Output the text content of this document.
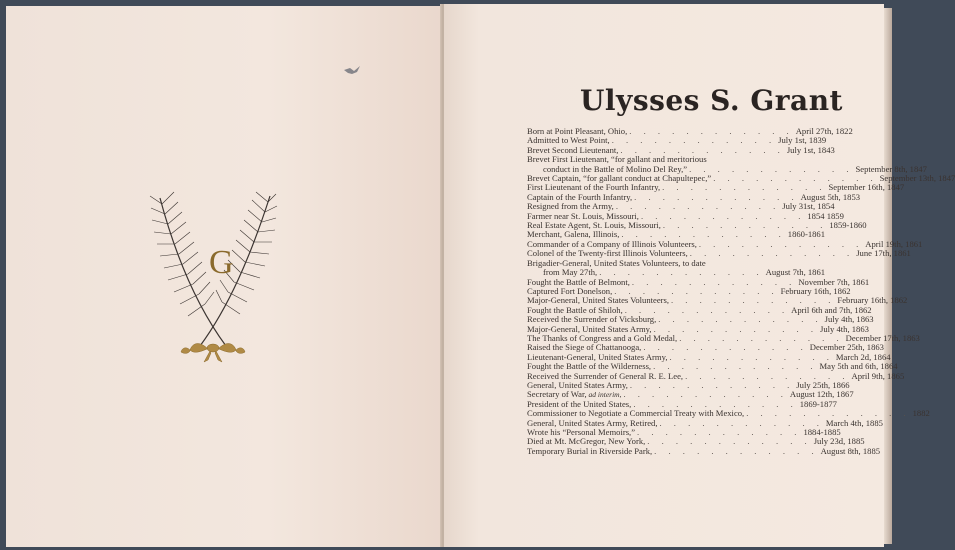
G
Ulysses S. Grant
Born at Point Pleasant, Ohio, . . . . . . . . . . . . April 27th, 1822
Admitted to West Point, . . . . . . . . . . . . July 1st, 1839
Brevet Second Lieutenant, . . . . . . . . . . . . July 1st, 1843
Brevet First Lieutenant, “for gallant and meritorious
conduct in the Battle of Molino Del Rey,” . . . . . . . . . . . . September 8th, 1847
Brevet Captain, “for gallant conduct at Chapultepec,” . . . . . . . . . . . . September 13th, 1847
First Lieutenant of the Fourth Infantry, . . . . . . . . . . . . September 16th, 1847
Captain of the Fourth Infantry, . . . . . . . . . . . . August 5th, 1853
Resigned from the Army, . . . . . . . . . . . . July 31st, 1854
Farmer near St. Louis, Missouri, . . . . . . . . . . . . 1854 1859
Real Estate Agent, St. Louis, Missouri, . . . . . . . . . . . . 1859-1860
Merchant, Galena, Illinois, . . . . . . . . . . . . 1860-1861
Commander of a Company of Illinois Volunteers, . . . . . . . . . . . . April 19th, 1861
Colonel of the Twenty-first Illinois Volunteers, . . . . . . . . . . . . June 17th, 1861
Brigadier-General, United States Volunteers, to date
from May 27th, . . . . . . . . . . . . August 7th, 1861
Fought the Battle of Belmont, . . . . . . . . . . . . November 7th, 1861
Captured Fort Donelson, . . . . . . . . . . . . February 16th, 1862
Major-General, United States Volunteers, . . . . . . . . . . . . February 16th, 1862
Fought the Battle of Shiloh, . . . . . . . . . . . . April 6th and 7th, 1862
Received the Surrender of Vicksburg, . . . . . . . . . . . . July 4th, 1863
Major-General, United States Army, . . . . . . . . . . . . July 4th, 1863
The Thanks of Congress and a Gold Medal, . . . . . . . . . . . . December 17th, 1863
Raised the Siege of Chattanooga, . . . . . . . . . . . . December 25th, 1863
Lieutenant-General, United States Army, . . . . . . . . . . . . March 2d, 1864
Fought the Battle of the Wilderness, . . . . . . . . . . . . May 5th and 6th, 1864
Received the Surrender of General R. E. Lee, . . . . . . . . . . . . April 9th, 1865
General, United States Army, . . . . . . . . . . . . July 25th, 1866
Secretary of War, ad interim, . . . . . . . . . . . . August 12th, 1867
President of the United States, . . . . . . . . . . . . 1869-1877
Commissioner to Negotiate a Commercial Treaty with Mexico, . . . . . . . . . . . . 1882
General, United States Army, Retired, . . . . . . . . . . . . March 4th, 1885
Wrote his “Personal Memoirs,” . . . . . . . . . . . . 1884-1885
Died at Mt. McGregor, New York, . . . . . . . . . . . . July 23d, 1885
Temporary Burial in Riverside Park, . . . . . . . . . . . . August 8th, 1885
